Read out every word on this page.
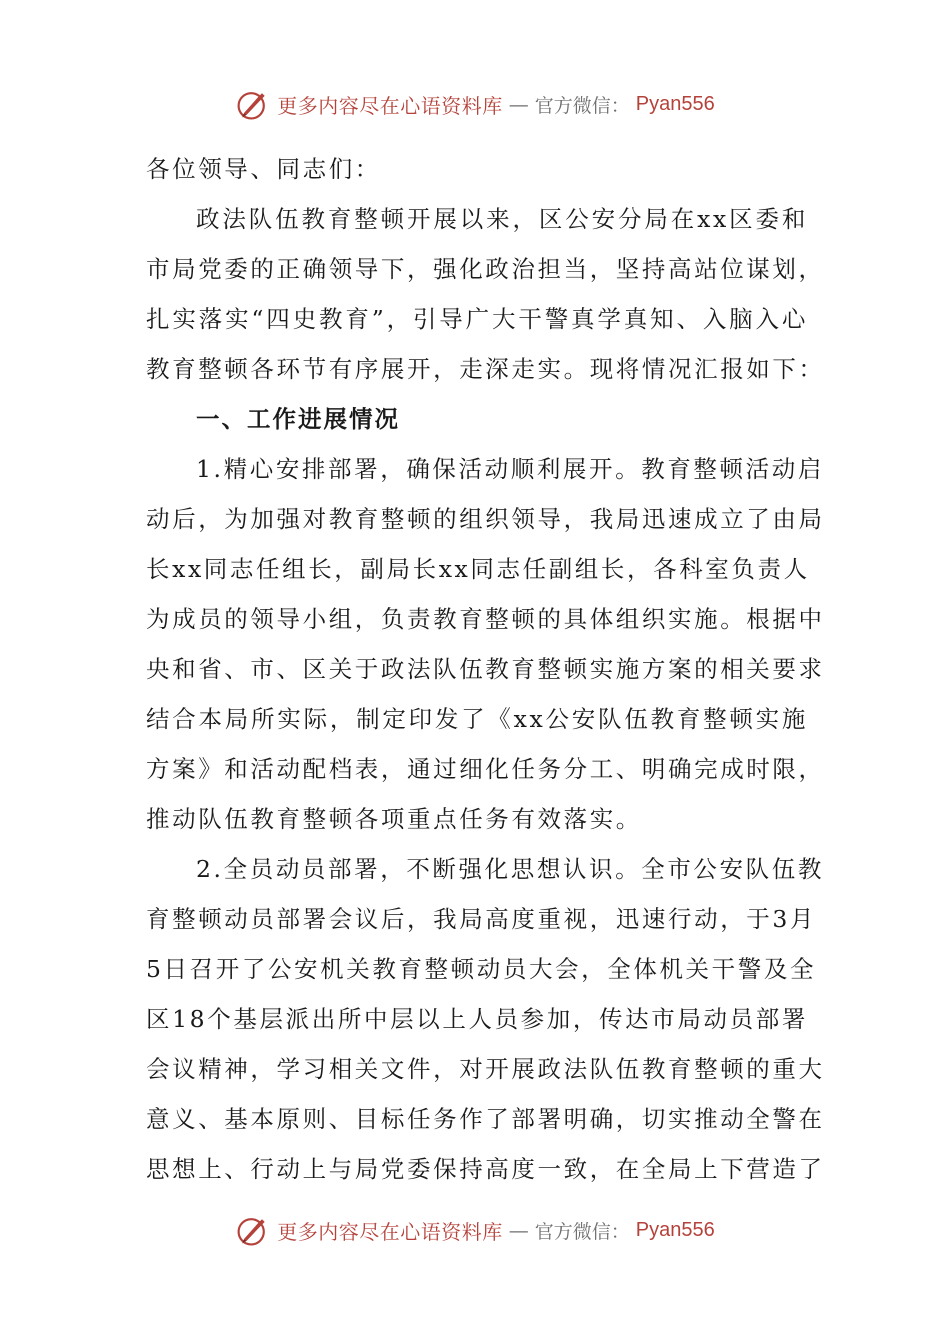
更多内容尽在心语资料库 — 官方微信： Pyan556
各位领导、同志们：
政法队伍教育整顿开展以来，区公安分局在xx区委和
市局党委的正确领导下，强化政治担当，坚持高站位谋划，
扎实落实“四史教育”，引导广大干警真学真知、入脑入心
教育整顿各环节有序展开，走深走实。现将情况汇报如下：
一、工作进展情况
1.精心安排部署，确保活动顺利展开。教育整顿活动启
动后，为加强对教育整顿的组织领导，我局迅速成立了由局
长xx同志任组长，副局长xx同志任副组长，各科室负责人
为成员的领导小组，负责教育整顿的具体组织实施。根据中
央和省、市、区关于政法队伍教育整顿实施方案的相关要求
结合本局所实际，制定印发了《xx公安队伍教育整顿实施
方案》和活动配档表，通过细化任务分工、明确完成时限，
推动队伍教育整顿各项重点任务有效落实。
2.全员动员部署，不断强化思想认识。全市公安队伍教
育整顿动员部署会议后，我局高度重视，迅速行动，于3月
5日召开了公安机关教育整顿动员大会，全体机关干警及全
区18个基层派出所中层以上人员参加，传达市局动员部署
会议精神，学习相关文件，对开展政法队伍教育整顿的重大
意义、基本原则、目标任务作了部署明确，切实推动全警在
思想上、行动上与局党委保持高度一致，在全局上下营造了
更多内容尽在心语资料库 — 官方微信： Pyan556
